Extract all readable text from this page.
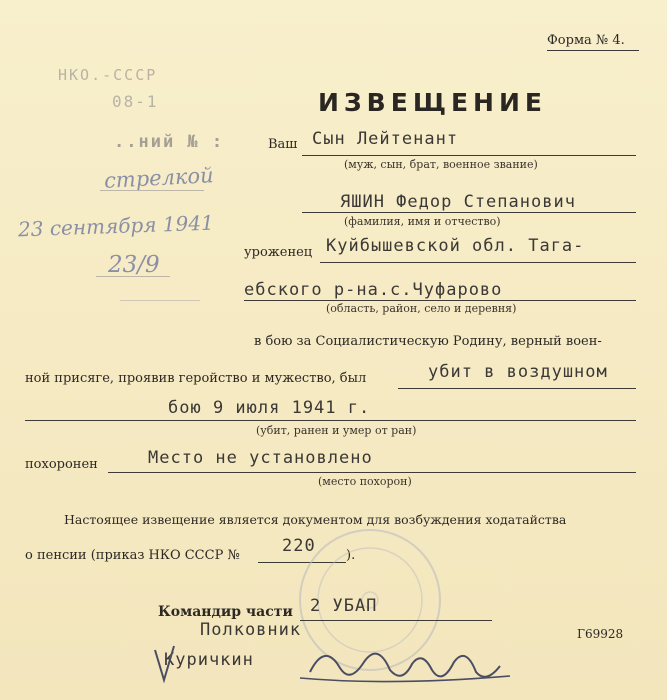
Форма № 4.
НКО.-СССР
08-1
..ний № :
стрелкой
23 сентября 1941
23/9
ИЗВЕЩЕНИЕ
Ваш Сын Лейтенант
(муж, сын, брат, военное звание)
ЯШИН Федор Степанович
(фамилия, имя и отчество)
уроженец Куйбышевской обл. Тага-
ебского р-на.с.Чуфарово
(область, район, село и деревня)
в бою за Социалистическую Родину, верный воен-
ной присяге, проявив геройство и мужество, был	убит в воздушном
бою 9 июля 1941 г.
(убит, ранен и умер от ран)
похоронен	Место не установлено
(место похорон)
Настоящее извещение является документом для возбуждения ходатайства
о пенсии (приказ НКО СССР № 220 ).
Командир части 2 УБАП
Полковник
Куричкин
Г69928
